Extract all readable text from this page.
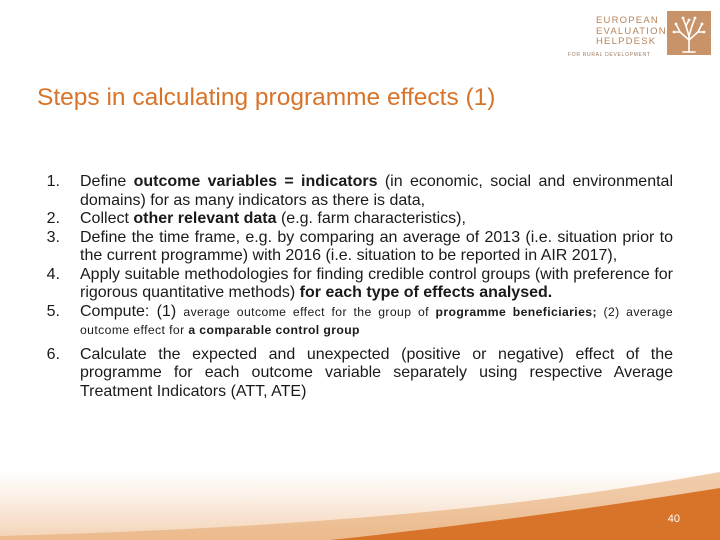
EUROPEAN
EVALUATION
HELPDESK
FOR RURAL DEVELOPMENT
Steps in calculating programme effects (1)
1. Define outcome variables = indicators (in economic, social and environmental domains) for as many indicators as there is data,
2. Collect other relevant data (e.g. farm characteristics),
3. Define the time frame, e.g. by comparing an average of 2013 (i.e. situation prior to the current programme) with 2016 (i.e. situation to be reported in AIR 2017),
4. Apply suitable methodologies for finding credible control groups (with preference for rigorous quantitative methods) for each type of effects analysed.
5. Compute: (1) average outcome effect for the group of programme beneficiaries; (2) average outcome effect for a comparable control group
6. Calculate the expected and unexpected (positive or negative) effect of the programme for each outcome variable separately using respective Average Treatment Indicators (ATT, ATE)
40
